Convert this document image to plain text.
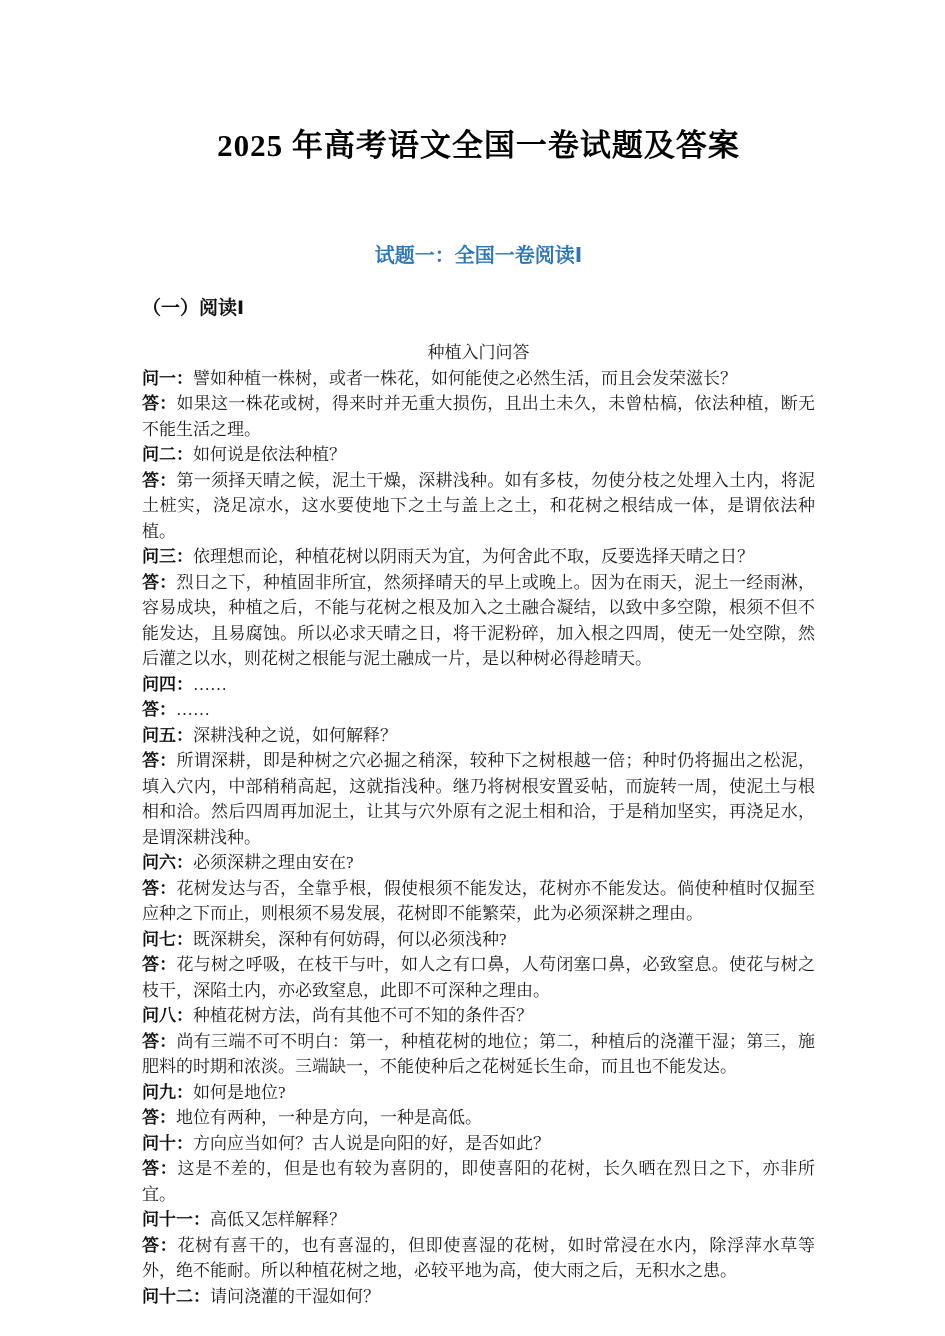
2025 年高考语文全国一卷试题及答案
试题一：全国一卷阅读Ⅰ
（一）阅读Ⅰ

种植入门问答

问一：譬如种植一株树，或者一株花，如何能使之必然生活，而且会发荣滋长？

答：如果这一株花或树，得来时并无重大损伤，且出土未久，未曾枯槁，依法种植，断无不能生活之理。

问二：如何说是依法种植？

答：第一须择天晴之候，泥土干燥，深耕浅种。如有多枝，勿使分枝之处埋入土内，将泥土桩实，浇足凉水，这水要使地下之土与盖上之土，和花树之根结成一体，是谓依法种植。

问三：依理想而论，种植花树以阴雨天为宜，为何舍此不取，反要选择天晴之日？

答：烈日之下，种植固非所宜，然须择晴天的早上或晚上。因为在雨天，泥土一经雨淋，容易成块，种植之后，不能与花树之根及加入之土融合凝结，以致中多空隙，根须不但不能发达，且易腐蚀。所以必求天晴之日，将干泥粉碎，加入根之四周，使无一处空隙，然后灌之以水，则花树之根能与泥土融成一片，是以种树必得趁晴天。

问四：……

答：……

问五：深耕浅种之说，如何解释？

答：所谓深耕，即是种树之穴必掘之稍深，较种下之树根越一倍；种时仍将掘出之松泥，填入穴内，中部稍稍高起，这就指浅种。继乃将树根安置妥帖，而旋转一周，使泥土与根相和洽。然后四周再加泥土，让其与穴外原有之泥土相和洽，于是稍加坚实，再浇足水，是谓深耕浅种。

问六：必须深耕之理由安在?

答：花树发达与否，全靠乎根，假使根须不能发达，花树亦不能发达。倘使种植时仅掘至应种之下而止，则根须不易发展，花树即不能繁荣，此为必须深耕之理由。

问七：既深耕矣，深种有何妨碍，何以必须浅种?

答：花与树之呼吸，在枝干与叶，如人之有口鼻，人苟闭塞口鼻，必致窒息。使花与树之枝干，深陷土内，亦必致窒息，此即不可深种之理由。

问八：种植花树方法，尚有其他不可不知的条件否？

答：尚有三端不可不明白：第一，种植花树的地位；第二，种植后的浇灌干湿；第三，施肥料的时期和浓淡。三端缺一，不能使种后之花树延长生命，而且也不能发达。

问九：如何是地位?

答：地位有两种，一种是方向，一种是高低。

问十：方向应当如何？古人说是向阳的好，是否如此？

答：这是不差的，但是也有较为喜阴的，即使喜阳的花树，长久晒在烈日之下，亦非所宜。

问十一：高低又怎样解释？

答：花树有喜干的，也有喜湿的，但即使喜湿的花树，如时常浸在水内，除浮萍水草等外，绝不能耐。所以种植花树之地，必较平地为高，使大雨之后，无积水之患。

问十二：请问浇灌的干湿如何？
